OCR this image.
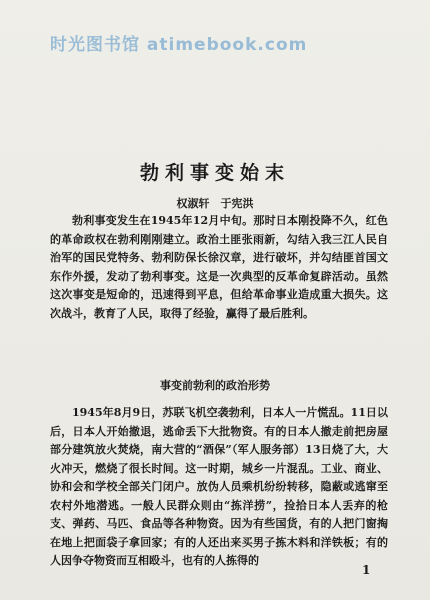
时光图书馆 atimebook.com
勃利事变始末
权淑轩　于宪洪

勃利事变发生在1945年12月中旬。那时日本刚投降不久，红色的革命政权在勃利刚刚建立。政治土匪张雨新，勾结入我三江人民自治军的国民党特务、勃利防保长徐汉章，进行破坏，并勾结匪首国文东作外援，发动了勃利事变。这是一次典型的反革命复辟活动。虽然这次事变是短命的，迅速得到平息，但给革命事业造成重大损失。这次战斗，教育了人民，取得了经验，赢得了最后胜利。

事变前勃利的政治形势

1945年8月9日，苏联飞机空袭勃利，日本人一片慌乱。11日以后，日本人开始撤退，逃命丢下大批物资。有的日本人撤走前把房屋部分建筑放火焚烧，南大营的“酒保”（军人服务部）13日烧了大，大火冲天，燃烧了很长时间。这一时期，城乡一片混乱。工业、商业、协和会和学校全部关门闭户。放伪人员乘机纷纷转移，隐蔽或逃窜至农村外地潜逃。一般人民群众则由“拣洋捞”，捡拾日本人丢弃的枪支、弹药、马匹、食品等各种物资。因为有些国货，有的人把门窗掏在地上把面袋子拿回家；有的人还出来买男子拣木料和洋铁板；有的人因争夺物资而互相殴斗，也有的人拣得的

1
